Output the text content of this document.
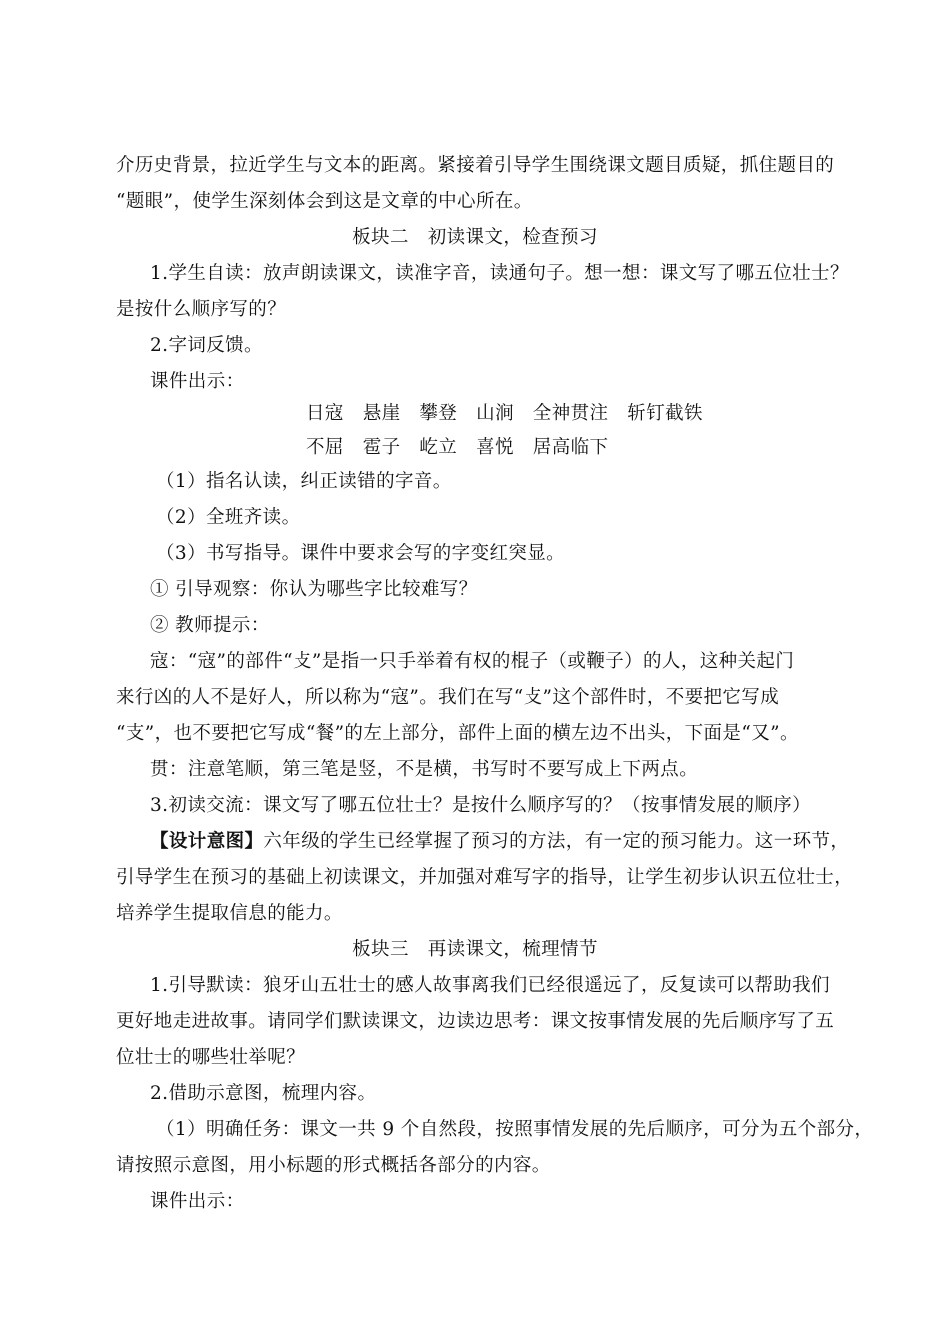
介历史背景，拉近学生与文本的距离。紧接着引导学生围绕课文题目质疑，抓住题目的
“题眼”，使学生深刻体会到这是文章的中心所在。
板块二　初读课文，检查预习
1.学生自读：放声朗读课文，读准字音，读通句子。想一想：课文写了哪五位壮士？
是按什么顺序写的？
2.字词反馈。
课件出示：
日寇　悬崖　攀登　山涧　全神贯注　斩钉截铁
不屈　雹子　屹立　喜悦　居高临下
（1）指名认读，纠正读错的字音。
（2）全班齐读。
（3）书写指导。课件中要求会写的字变红突显。
① 引导观察：你认为哪些字比较难写？
② 教师提示：
寇：“寇”的部件“攴”是指一只手举着有权的棍子（或鞭子）的人，这种关起门
来行凶的人不是好人，所以称为“寇”。我们在写“攴”这个部件时，不要把它写成
“支”，也不要把它写成“餐”的左上部分，部件上面的横左边不出头，下面是“又”。
贯：注意笔顺，第三笔是竖，不是横，书写时不要写成上下两点。
3.初读交流：课文写了哪五位壮士？是按什么顺序写的？（按事情发展的顺序）
【设计意图】六年级的学生已经掌握了预习的方法，有一定的预习能力。这一环节，
引导学生在预习的基础上初读课文，并加强对难写字的指导，让学生初步认识五位壮士，
培养学生提取信息的能力。
板块三　再读课文，梳理情节
1.引导默读：狼牙山五壮士的感人故事离我们已经很遥远了，反复读可以帮助我们
更好地走进故事。请同学们默读课文，边读边思考：课文按事情发展的先后顺序写了五
位壮士的哪些壮举呢？
2.借助示意图，梳理内容。
（1）明确任务：课文一共 9 个自然段，按照事情发展的先后顺序，可分为五个部分，
请按照示意图，用小标题的形式概括各部分的内容。
课件出示：
